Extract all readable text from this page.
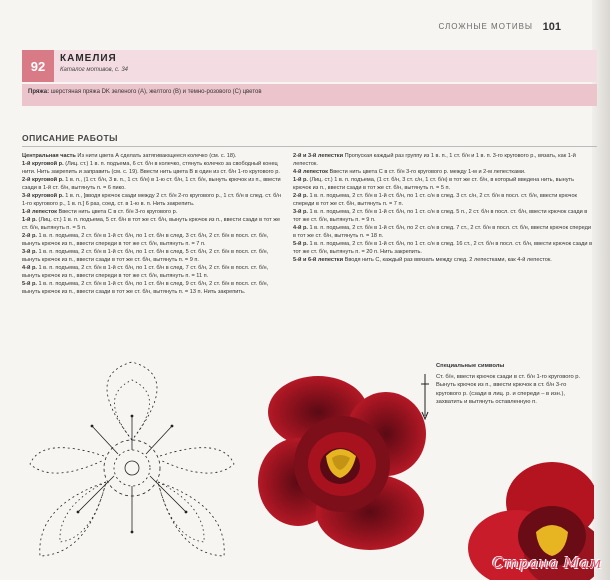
СЛОЖНЫЕ МОТИВЫ 101
92	КАМЕЛИЯ
Каталог мотивов, с. 34
Пряжа: шерстяная пряжа DK зеленого (А), желтого (В) и темно-розового (С) цветов
ОПИСАНИЕ РАБОТЫ

Центральная часть Из нити цвета А сделать затягивающееся колечко (см. с. 18).

1-й круговой р. (Лиц. ст.) 1 в. п. подъема, 6 ст. б/н в колечко, стянуть колечко за свободный конец нити. Нить закрепить и заправить (см. с. 19). Ввести нить цвета В в один из ст. б/н 1-го кругового р.

2-й круговой р. 1 в. п., (1 ст. б/н, 3 в. п., 1 ст. б/н) в 1-ю ст. б/н, 1 ст. б/н, вынуть крючок из п., ввести сзади в 1-й ст. б/н, вытянуть п. = 6 пико.

3-й круговой р. 1 в. п., [вводя крючок сзади между 2 ст. б/н 2-го кругового р., 1 ст. б/н в след. ст. б/н 1-го кругового р., 1 в. п.] 6 раз, соед. ст. в 1-ю в. п. Нить закрепить.

1-й лепесток Ввести нить цвета С в ст. б/н 3-го кругового р.

1-й р. (Лиц. ст.) 1 в. п. подъема, 5 ст. б/н в тот же ст. б/н, вынуть крючок из п., ввести сзади в тот же ст. б/н, вытянуть п. = 5 п.

2-й р. 1 в. п. подъема, 2 ст. б/н в 1-й ст. б/н, по 1 ст. б/н в след. 3 ст. б/н, 2 ст. б/н в посл. ст. б/н, вынуть крючок из п., ввести спереди в тот же ст. б/н, вытянуть п. = 7 п.

3-й р. 1 в. п. подъема, 2 ст. б/н в 1-й ст. б/н, по 1 ст. б/н в след. 5 ст. б/н, 2 ст. б/н в посл. ст. б/н, вынуть крючок из п., ввести сзади в тот же ст. б/н, вытянуть п. = 9 п.

4-й р. 1 в. п. подъема, 2 ст. б/н в 1-й ст. б/н, по 1 ст. б/н в след. 7 ст. б/н, 2 ст. б/н в посл. ст. б/н, вынуть крючок из п., ввести спереди в тот же ст. б/н, вытянуть п. = 11 п.

5-й р. 1 в. п. подъема, 2 ст. б/н в 1-й ст. б/н, по 1 ст. б/н в след. 9 ст. б/н, 2 ст. б/н в посл. ст. б/н, вынуть крючок из п., ввести сзади в тот же ст. б/н, вытянуть п. = 13 п. Нить закрепить.

2-й и 3-й лепестки Пропуская каждый раз группу из 1 в. п., 1 ст. б/н и 1 в. п. 3-го кругового р., вязать, как 1-й лепесток.

4-й лепесток Ввести нить цвета С в ст. б/н 3-го кругового р. между 1-м и 2-м лепестками.

1-й р. (Лиц. ст.) 1 в. п. подъема, (1 ст. б/н, 3 ст. с/н, 1 ст. б/н) в тот же ст. б/н, в который введена нить, вынуть крючок из п., ввести сзади в тот же ст. б/н, вытянуть п. = 5 п.

2-й р. 1 в. п. подъема, 2 ст. б/н в 1-й ст. б/н, по 1 ст. с/н в след. 3 ст. с/н, 2 ст. б/н в посл. ст. б/н, ввести крючок спереди в тот же ст. б/н, вытянуть п. = 7 п.

3-й р. 1 в. п. подъема, 2 ст. б/н в 1-й ст. б/н, по 1 ст. с/н в след. 5 п., 2 ст. б/н в посл. ст. б/н, ввести крючок сзади в тот же ст. б/н, вытянуть п. = 9 п.

4-й р. 1 в. п. подъема, 2 ст. б/н в 1-й ст. б/н, по 2 ст. с/н в след. 7 ст., 2 ст. б/н в посл. ст. б/н, ввести крючок спереди в тот же ст. б/н, вытянуть п. = 18 п.

5-й р. 1 в. п. подъема, 2 ст. б/н в 1-й ст. б/н, по 1 ст. с/н в след. 16 ст., 2 ст. б/н в посл. ст. б/н, ввести крючок сзади в тот же ст. б/н, вытянуть п. = 20 п. Нить закрепить.

5-й и 6-й лепестки Вводя нить С, каждый раз ввязать между след. 2 лепестками, как 4-й лепесток.

Специальные символы
Ст. б/н, ввести крючок сзади в ст. б/н 1-го кругового р. Вынуть крючок из п., ввести крючок в ст. б/н 3-го кругового р. (сзади в лиц. р. и спереди – в изн.), захватить и вытянуть оставленную п.
Страна Мам
